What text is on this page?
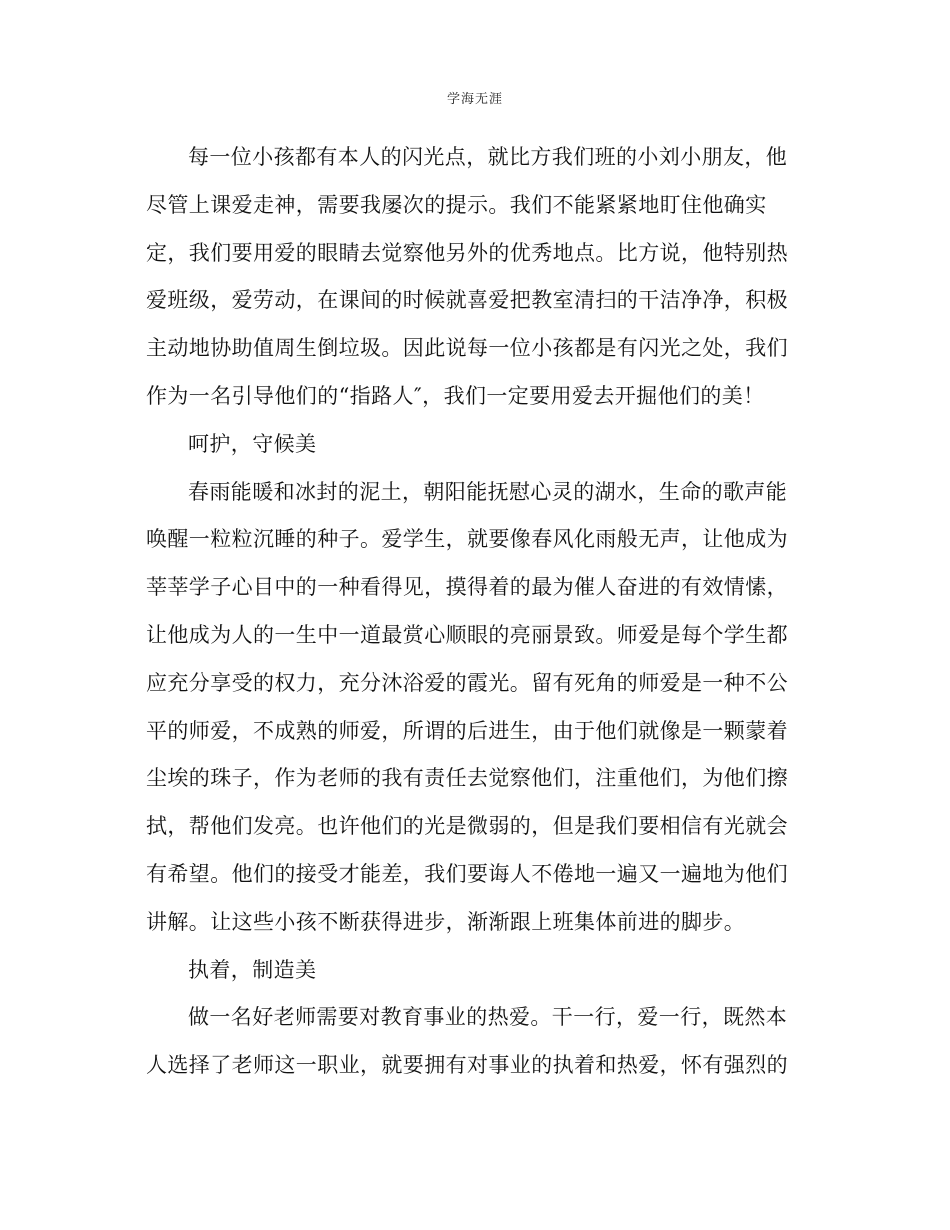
学海无涯
每一位小孩都有本人的闪光点，就比方我们班的小刘小朋友，他
尽管上课爱走神，需要我屡次的提示。我们不能紧紧地盯住他确实
定，我们要用爱的眼睛去觉察他另外的优秀地点。比方说，他特别热
爱班级，爱劳动，在课间的时候就喜爱把教室清扫的干洁净净，积极
主动地协助值周生倒垃圾。因此说每一位小孩都是有闪光之处，我们
作为一名引导他们的“指路人″，我们一定要用爱去开掘他们的美！
呵护，守候美
春雨能暖和冰封的泥土，朝阳能抚慰心灵的湖水，生命的歌声能
唤醒一粒粒沉睡的种子。爱学生，就要像春风化雨般无声，让他成为
莘莘学子心目中的一种看得见，摸得着的最为催人奋进的有效情愫，
让他成为人的一生中一道最赏心顺眼的亮丽景致。师爱是每个学生都
应充分享受的权力，充分沐浴爱的霞光。留有死角的师爱是一种不公
平的师爱，不成熟的师爱，所谓的后进生，由于他们就像是一颗蒙着
尘埃的珠子，作为老师的我有责任去觉察他们，注重他们，为他们擦
拭，帮他们发亮。也许他们的光是微弱的，但是我们要相信有光就会
有希望。他们的接受才能差，我们要诲人不倦地一遍又一遍地为他们
讲解。让这些小孩不断获得进步，渐渐跟上班集体前进的脚步。
执着，制造美
做一名好老师需要对教育事业的热爱。干一行，爱一行，既然本
人选择了老师这一职业，就要拥有对事业的执着和热爱，怀有强烈的
